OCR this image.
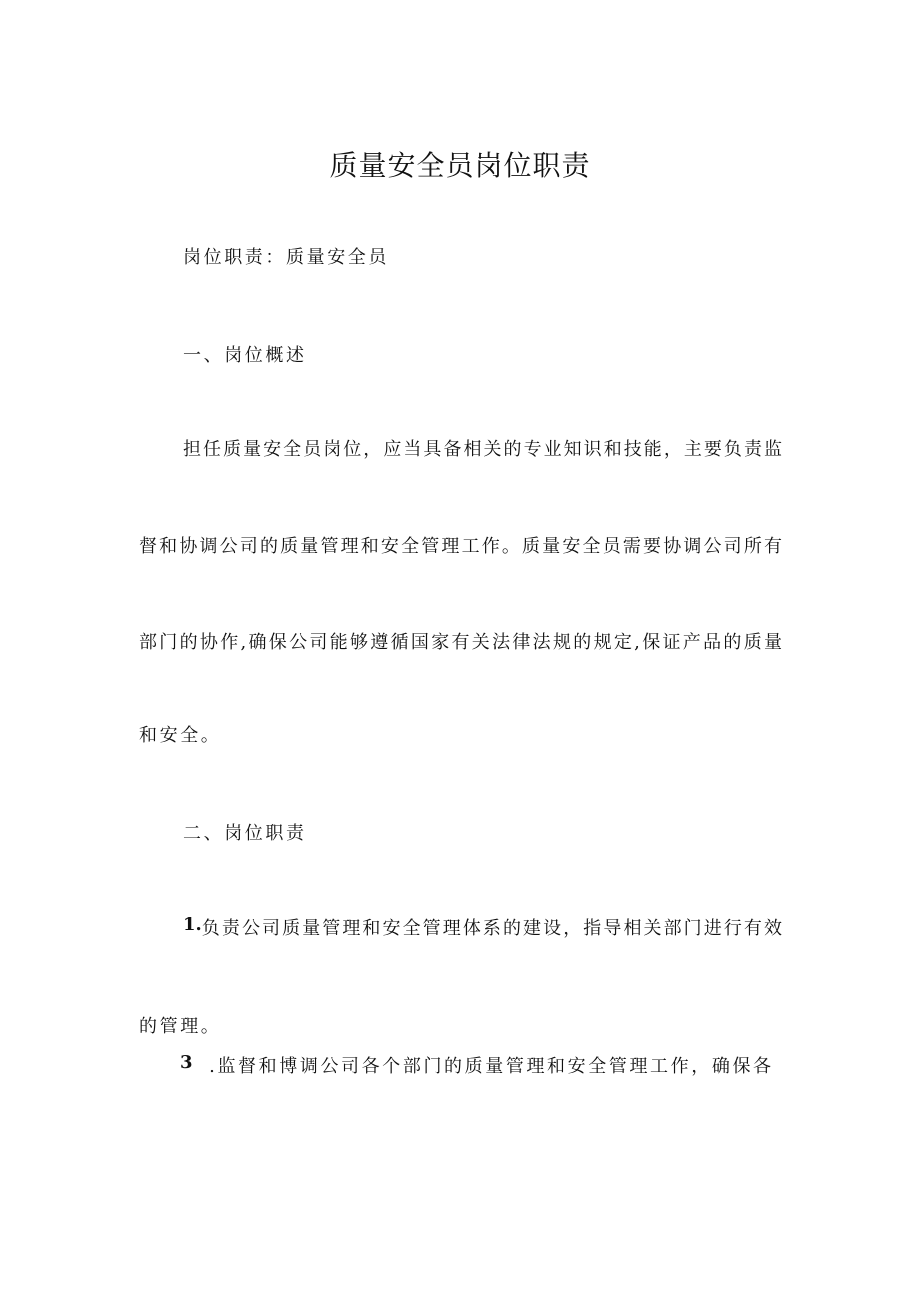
质量安全员岗位职责
岗位职责：质量安全员
一、岗位概述
担任质量安全员岗位，应当具备相关的专业知识和技能，主要负责监
督和协调公司的质量管理和安全管理工作。质量安全员需要协调公司所有
部门的协作,确保公司能够遵循国家有关法律法规的规定,保证产品的质量
和安全。
二、岗位职责
1. 负责公司质量管理和安全管理体系的建设，指导相关部门进行有效
的管理。
3 .监督和博调公司各个部门的质量管理和安全管理工作，确保各
